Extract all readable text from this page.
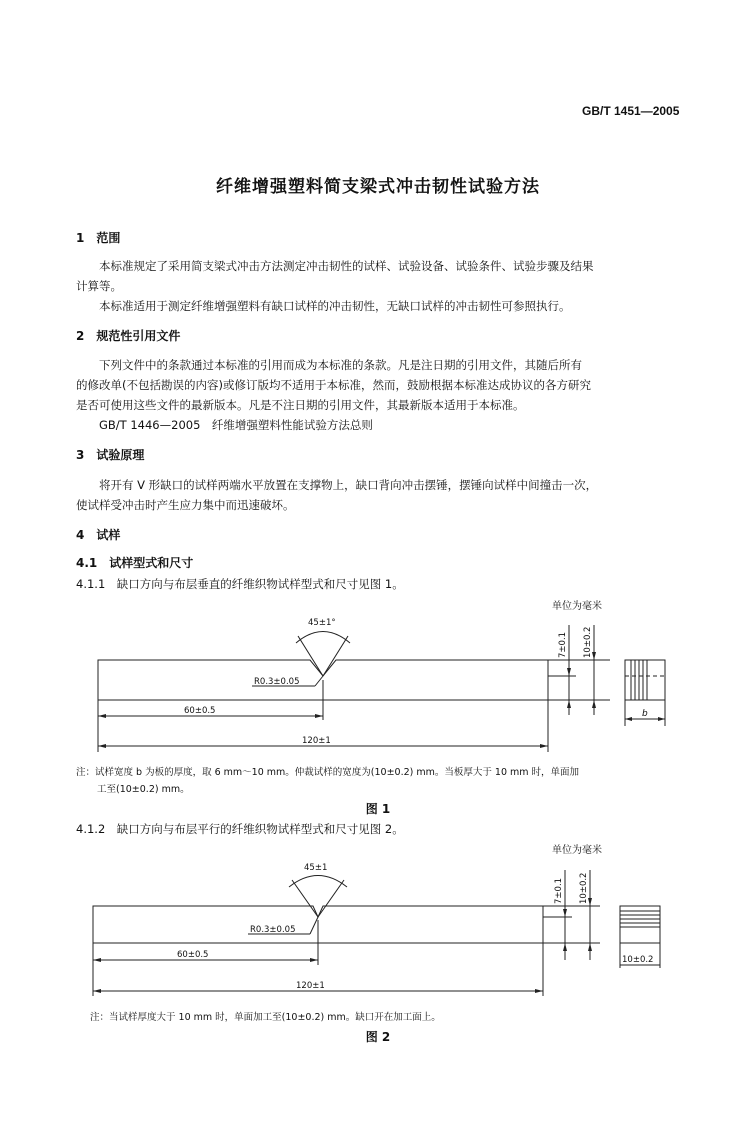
GB/T 1451—2005
纤维增强塑料简支梁式冲击韧性试验方法
1　范围
本标准规定了采用简支梁式冲击方法测定冲击韧性的试样、试验设备、试验条件、试验步骤及结果
计算等。
本标准适用于测定纤维增强塑料有缺口试样的冲击韧性，无缺口试样的冲击韧性可参照执行。
2　规范性引用文件
下列文件中的条款通过本标准的引用而成为本标准的条款。凡是注日期的引用文件，其随后所有
的修改单(不包括勘误的内容)或修订版均不适用于本标准，然而，鼓励根据本标准达成协议的各方研究
是否可使用这些文件的最新版本。凡是不注日期的引用文件，其最新版本适用于本标准。
GB/T 1446—2005　纤维增强塑料性能试验方法总则
3　试验原理
将开有 V 形缺口的试样两端水平放置在支撑物上，缺口背向冲击摆锤，摆锤向试样中间撞击一次，
使试样受冲击时产生应力集中而迅速破坏。
4　试样
4.1　试样型式和尺寸
4.1.1　缺口方向与布层垂直的纤维织物试样型式和尺寸见图 1。
单位为毫米
45±1°
R0.3±0.05
60±0.5
120±1
7±0.1 10±0.2
b
注：试样宽度 b 为板的厚度，取 6 mm～10 mm。仲裁试样的宽度为(10±0.2) mm。当板厚大于 10 mm 时，单面加
工至(10±0.2) mm。
图 1
4.1.2　缺口方向与布层平行的纤维织物试样型式和尺寸见图 2。
单位为毫米
45±1
R0.3±0.05
60±0.5
120±1
7±0.1 10±0.2
10±0.2
注：当试样厚度大于 10 mm 时，单面加工至(10±0.2) mm。缺口开在加工面上。
图 2
